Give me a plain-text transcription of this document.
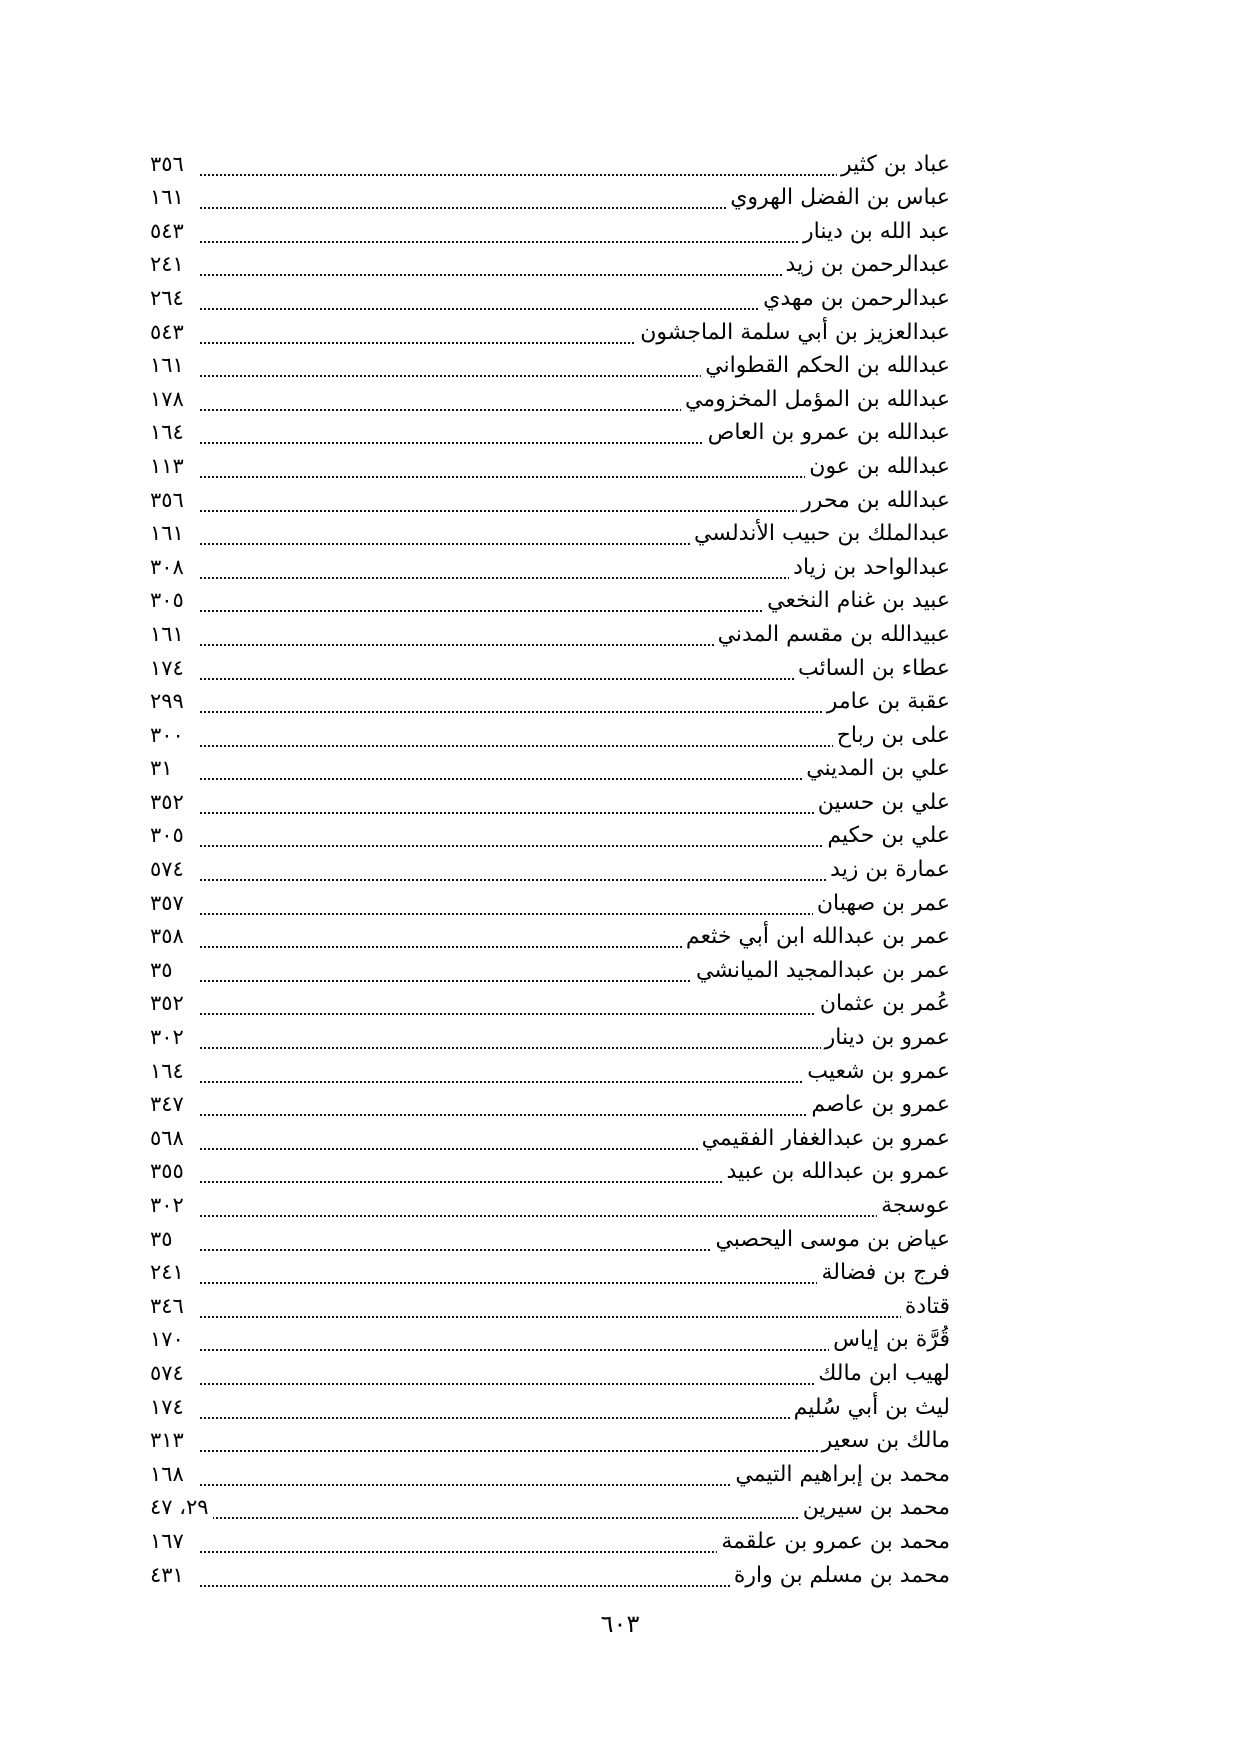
عباد بن كثير
٣٥٦
عباس بن الفضل الهروي
١٦١
عبد الله بن دينار
٥٤٣
عبدالرحمن بن زيد
٢٤١
عبدالرحمن بن مهدي
٢٦٤
عبدالعزيز بن أبي سلمة الماجشون
٥٤٣
عبدالله بن الحكم القطواني
١٦١
عبدالله بن المؤمل المخزومي
١٧٨
عبدالله بن عمرو بن العاص
١٦٤
عبدالله بن عون
١١٣
عبدالله بن محرر
٣٥٦
عبدالملك بن حبيب الأندلسي
١٦١
عبدالواحد بن زياد
٣٠٨
عبيد بن غنام النخعي
٣٠٥
عبيدالله بن مقسم المدني
١٦١
عطاء بن السائب
١٧٤
عقبة بن عامر
٢٩٩
على بن رباح
٣٠٠
علي بن المديني
٣١
علي بن حسين
٣٥٢
علي بن حكيم
٣٠٥
عمارة بن زيد
٥٧٤
عمر بن صهبان
٣٥٧
عمر بن عبدالله ابن أبي خثعم
٣٥٨
عمر بن عبدالمجيد الميانشي
٣٥
عُمر بن عثمان
٣٥٢
عمرو بن دينار
٣٠٢
عمرو بن شعيب
١٦٤
عمرو بن عاصم
٣٤٧
عمرو بن عبدالغفار الفقيمي
٥٦٨
عمرو بن عبدالله بن عبيد
٣٥٥
عوسجة
٣٠٢
عياض بن موسى اليحصبي
٣٥
فرج بن فضالة
٢٤١
قتادة
٣٤٦
قُرَّة بن إياس
١٧٠
لهيب ابن مالك
٥٧٤
ليث بن أبي سُليم
١٧٤
مالك بن سعير
٣١٣
محمد بن إبراهيم التيمي
١٦٨
محمد بن سيرين
٢٩، ٤٧
محمد بن عمرو بن علقمة
١٦٧
محمد بن مسلم بن وارة
٤٣١
٦٠٣
